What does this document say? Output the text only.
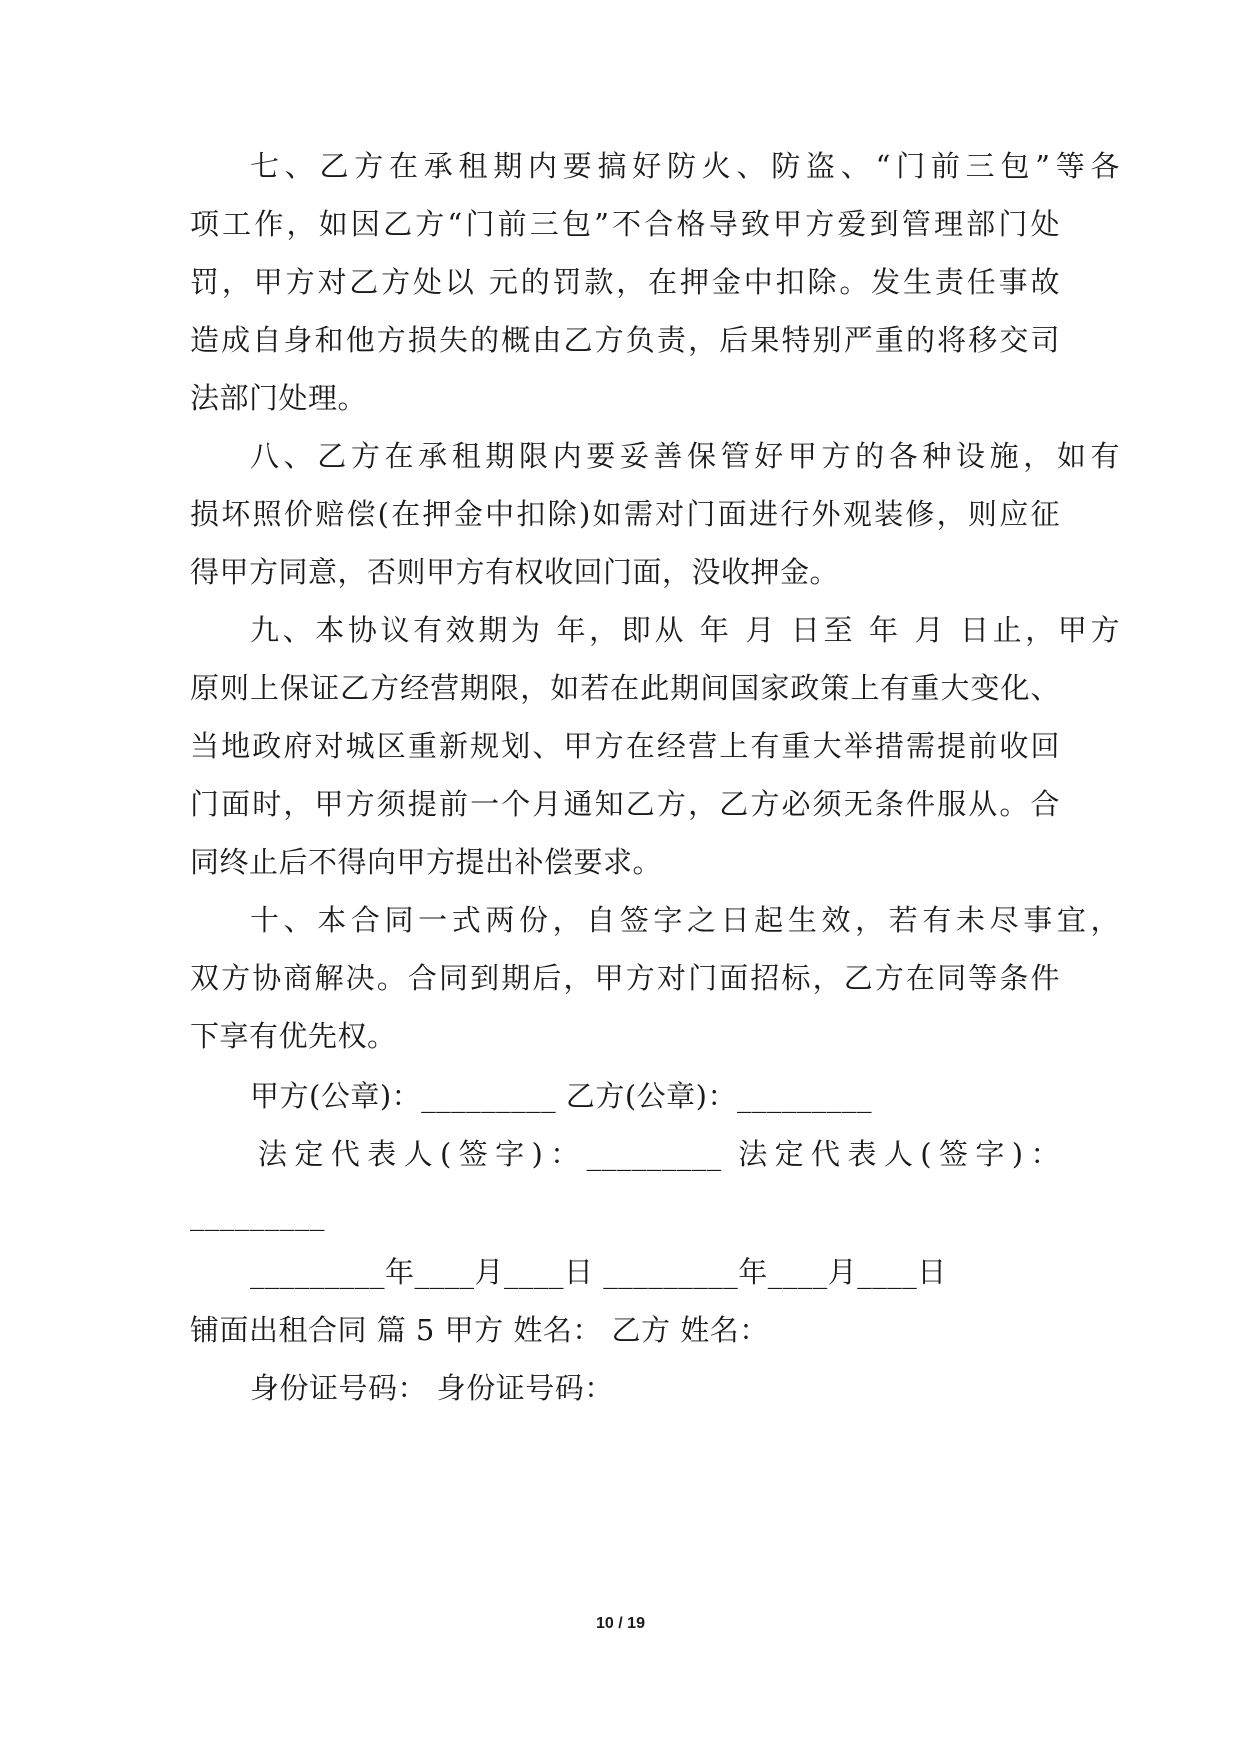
七、乙方在承租期内要搞好防火、防盗、“门前三包”等各
项工作，如因乙方“门前三包”不合格导致甲方爱到管理部门处
罚，甲方对乙方处以 元的罚款，在押金中扣除。发生责任事故
造成自身和他方损失的概由乙方负责，后果特别严重的将移交司
法部门处理。
八、乙方在承租期限内要妥善保管好甲方的各种设施，如有
损坏照价赔偿(在押金中扣除)如需对门面进行外观装修，则应征
得甲方同意，否则甲方有权收回门面，没收押金。
九、本协议有效期为 年，即从 年 月 日至 年 月 日止，甲方
原则上保证乙方经营期限，如若在此期间国家政策上有重大变化、
当地政府对城区重新规划、甲方在经营上有重大举措需提前收回
门面时，甲方须提前一个月通知乙方，乙方必须无条件服从。合
同终止后不得向甲方提出补偿要求。
十、本合同一式两份，自签字之日起生效，若有未尽事宜，
双方协商解决。合同到期后，甲方对门面招标，乙方在同等条件
下享有优先权。
甲方(公章)：_________ 乙方(公章)：_________
法定代表人(签字)：_________ 法定代表人(签字)：
_________
_________年____月____日 _________年____月____日
铺面出租合同 篇 5 甲方 姓名： 乙方 姓名：
身份证号码： 身份证号码：
10 / 19
